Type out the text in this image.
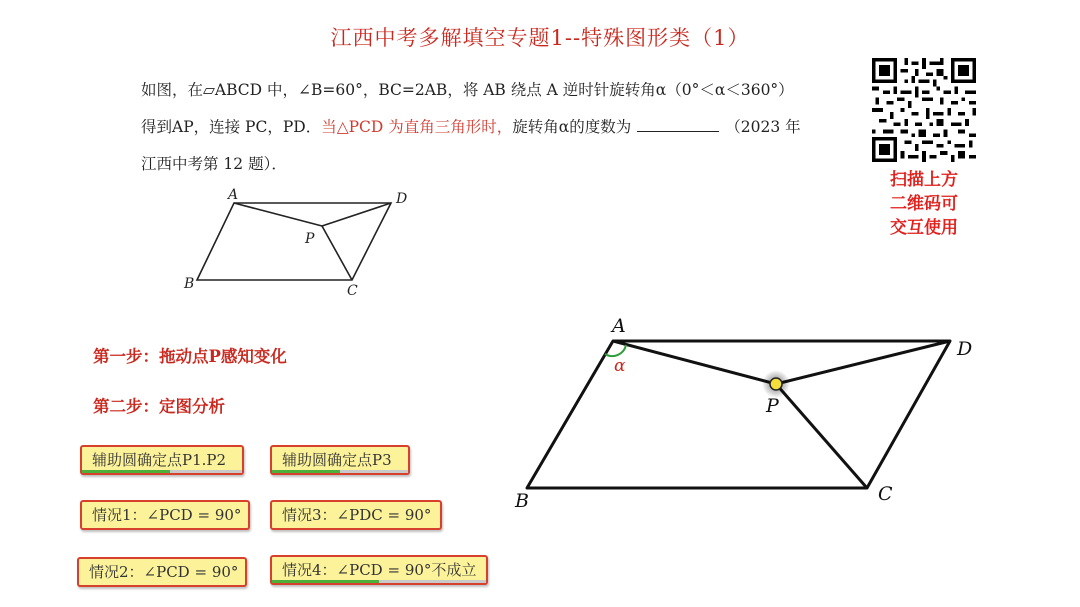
江西中考多解填空专题1--特殊图形类（1）
如图，在▱ABCD 中，∠B=60°，BC=2AB，将 AB 绕点 A 逆时针旋转角α（0°＜α＜360°）
得到AP，连接 PC，PD．当△PCD 为直角三角形时，旋转角α的度数为	（2023 年
江西中考第 12 题）．
扫描上方
二维码可
交互使用
A	D
P
B	C
第一步：拖动点P感知变化
第二步：定图分析
辅助圆确定点P1.P2	辅助圆确定点P3
情况1：∠PCD = 90°	情况3：∠PDC = 90°
情况2：∠PCD = 90°	情况4：∠PCD = 90°不成立
α
A
D
P
B	C
